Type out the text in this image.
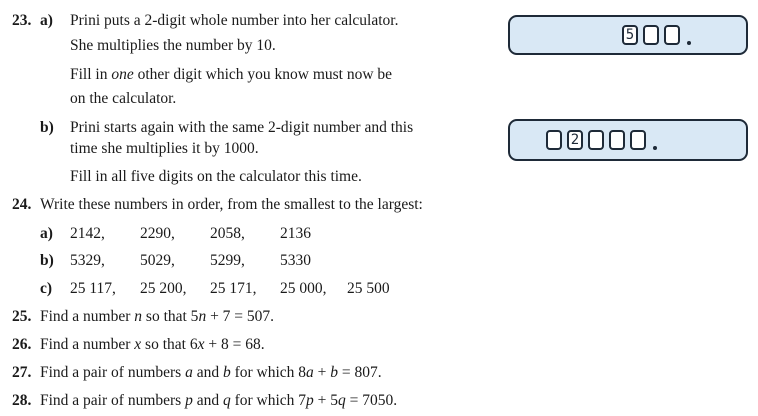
23. a) Prini puts a 2-digit whole number into her calculator.
She multiplies the number by 10.
Fill in one other digit which you know must now be
on the calculator.
b) Prini starts again with the same 2-digit number and this
time she multiplies it by 1000.
Fill in all five digits on the calculator this time.
5
2
24. Write these numbers in order, from the smallest to the largest:
a) 2142, 2290, 2058, 2136
b) 5329, 5029, 5299, 5330
c) 25 117, 25 200, 25 171, 25 000, 25 500
25. Find a number n so that 5n + 7 = 507.
26. Find a number x so that 6x + 8 = 68.
27. Find a pair of numbers a and b for which 8a + b = 807.
28. Find a pair of numbers p and q for which 7p + 5q = 7050.
